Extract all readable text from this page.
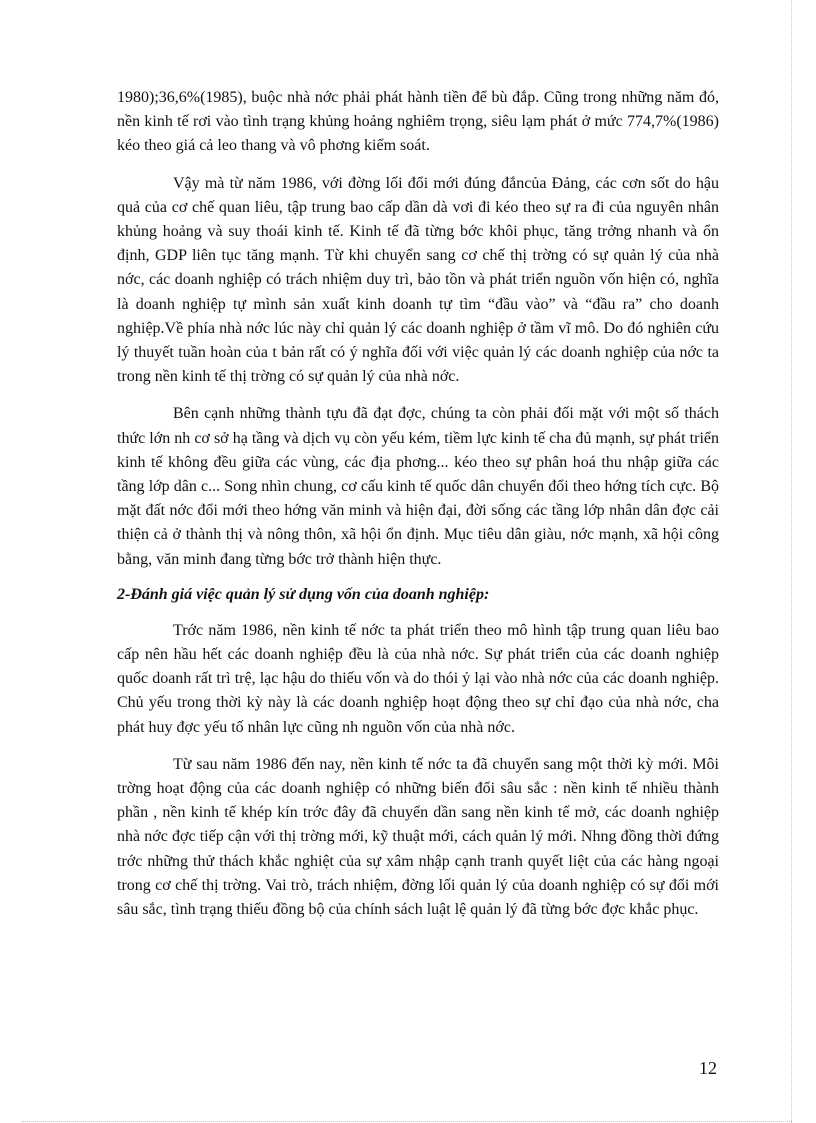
1980);36,6%(1985), buộc nhà nớc phải phát hành tiền để bù đắp. Cũng trong những năm đó, nền kinh tế rơi vào tình trạng khủng hoảng nghiêm trọng, siêu lạm phát ở mức 774,7%(1986) kéo theo giá cả leo thang và vô phơng kiểm soát.

Vậy mà từ năm 1986, với đờng lối đổi mới đúng đắncủa Đảng, các cơn sốt do hậu quả của cơ chế quan liêu, tập trung bao cấp dần dà vơi đi kéo theo sự ra đi của nguyên nhân khủng hoảng và suy thoái kinh tế. Kinh tế đã từng bớc khôi phục, tăng trởng nhanh và ổn định, GDP liên tục tăng mạnh. Từ khi chuyển sang cơ chế thị trờng có sự quản lý của nhà nớc, các doanh nghiệp có trách nhiệm duy trì, bảo tồn và phát triển nguồn vốn hiện có, nghĩa là doanh nghiệp tự mình sản xuất kinh doanh tự tìm “đầu vào” và “đầu ra” cho doanh nghiệp.Về phía nhà nớc lúc này chỉ quản lý các doanh nghiệp ở tầm vĩ mô. Do đó nghiên cứu lý thuyết tuần hoàn của t bản rất có ý nghĩa đối với việc quản lý các doanh nghiệp của nớc ta trong nền kinh tế thị trờng có sự quản lý của nhà nớc.

Bên cạnh những thành tựu đã đạt đợc, chúng ta còn phải đối mặt với một số thách thức lớn nh cơ sở hạ tầng và dịch vụ còn yếu kém, tiềm lực kinh tế cha đủ mạnh, sự phát triển kinh tế không đều giữa các vùng, các địa phơng... kéo theo sự phân hoá thu nhập giữa các tầng lớp dân c... Song nhìn chung, cơ cấu kinh tế quốc dân chuyển đổi theo hớng tích cực. Bộ mặt đất nớc đổi mới theo hớng văn minh và hiện đại, đời sống các tầng lớp nhân dân đợc cải thiện cả ở thành thị và nông thôn, xã hội ổn định. Mục tiêu dân giàu, nớc mạnh, xã hội công bằng, văn minh đang từng bớc trở thành hiện thực.

2-Đánh giá việc quản lý sử dụng vốn của doanh nghiệp:

Trớc năm 1986, nền kinh tế nớc ta phát triển theo mô hình tập trung quan liêu bao cấp nên hầu hết các doanh nghiệp đều là của nhà nớc. Sự phát triển của các doanh nghiệp quốc doanh rất trì trệ, lạc hậu do thiếu vốn và do thói ỷ lại vào nhà nớc của các doanh nghiệp. Chủ yếu trong thời kỳ này là các doanh nghiệp hoạt động theo sự chỉ đạo của nhà nớc, cha phát huy đợc yếu tố nhân lực cũng nh nguồn vốn của nhà nớc.

Từ sau năm 1986 đến nay, nền kinh tế nớc ta đã chuyển sang một thời kỳ mới. Môi trờng hoạt động của các doanh nghiệp có những biến đổi sâu sắc : nền kinh tế nhiều thành phần , nền kinh tế khép kín trớc đây đã chuyển dần sang nền kinh tế mở, các doanh nghiệp nhà nớc đợc tiếp cận với thị trờng mới, kỹ thuật mới, cách quản lý mới. Nhng đồng thời đứng trớc những thử thách khắc nghiệt của sự xâm nhập cạnh tranh quyết liệt của các hàng ngoại trong cơ chế thị trờng. Vai trò, trách nhiệm, đờng lối quản lý của doanh nghiệp có sự đổi mới sâu sắc, tình trạng thiếu đồng bộ của chính sách luật lệ quản lý đã từng bớc đợc khắc phục.

12
